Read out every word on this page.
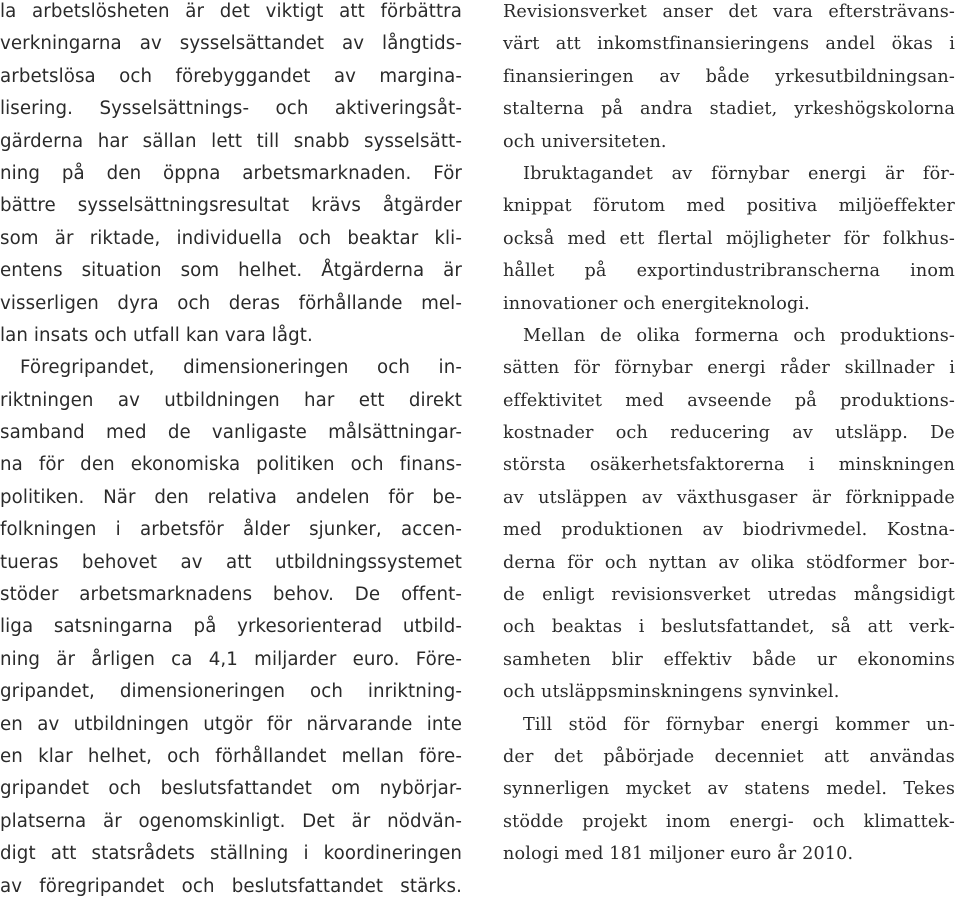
la arbetslösheten är det viktigt att förbättra
verkningarna av sysselsättandet av långtids-
arbetslösa och förebyggandet av margina-
lisering. Sysselsättnings- och aktiveringsåt-
gärderna har sällan lett till snabb sysselsätt-
ning på den öppna arbetsmarknaden. För
bättre sysselsättningsresultat krävs åtgärder
som är riktade, individuella och beaktar kli-
entens situation som helhet. Åtgärderna är
visserligen dyra och deras förhållande mel-
lan insats och utfall kan vara lågt.
Föregripandet, dimensioneringen och in-
riktningen av utbildningen har ett direkt
samband med de vanligaste målsättningar-
na för den ekonomiska politiken och finans-
politiken. När den relativa andelen för be-
folkningen i arbetsför ålder sjunker, accen-
tueras behovet av att utbildningssystemet
stöder arbetsmarknadens behov. De offent-
liga satsningarna på yrkesorienterad utbild-
ning är årligen ca 4,1 miljarder euro. Före-
gripandet, dimensioneringen och inriktning-
en av utbildningen utgör för närvarande inte
en klar helhet, och förhållandet mellan före-
gripandet och beslutsfattandet om nybörjar-
platserna är ogenomskinligt. Det är nödvän-
digt att statsrådets ställning i koordineringen
av föregripandet och beslutsfattandet stärks.
Revisionsverket anser det vara eftersträvans-
värt att inkomstfinansieringens andel ökas i
finansieringen av både yrkesutbildningsan-
stalterna på andra stadiet, yrkeshögskolorna
och universiteten.
Ibruktagandet av förnybar energi är för-
knippat förutom med positiva miljöeffekter
också med ett flertal möjligheter för folkhus-
hållet på exportindustribranscherna inom
innovationer och energiteknologi.
Mellan de olika formerna och produktions-
sätten för förnybar energi råder skillnader i
effektivitet med avseende på produktions-
kostnader och reducering av utsläpp. De
största osäkerhetsfaktorerna i minskningen
av utsläppen av växthusgaser är förknippade
med produktionen av biodrivmedel. Kostna-
derna för och nyttan av olika stödformer bor-
de enligt revisionsverket utredas mångsidigt
och beaktas i beslutsfattandet, så att verk-
samheten blir effektiv både ur ekonomins
och utsläppsminskningens synvinkel.
Till stöd för förnybar energi kommer un-
der det påbörjade decenniet att användas
synnerligen mycket av statens medel. Tekes
stödde projekt inom energi- och klimattek-
nologi med 181 miljoner euro år 2010.
